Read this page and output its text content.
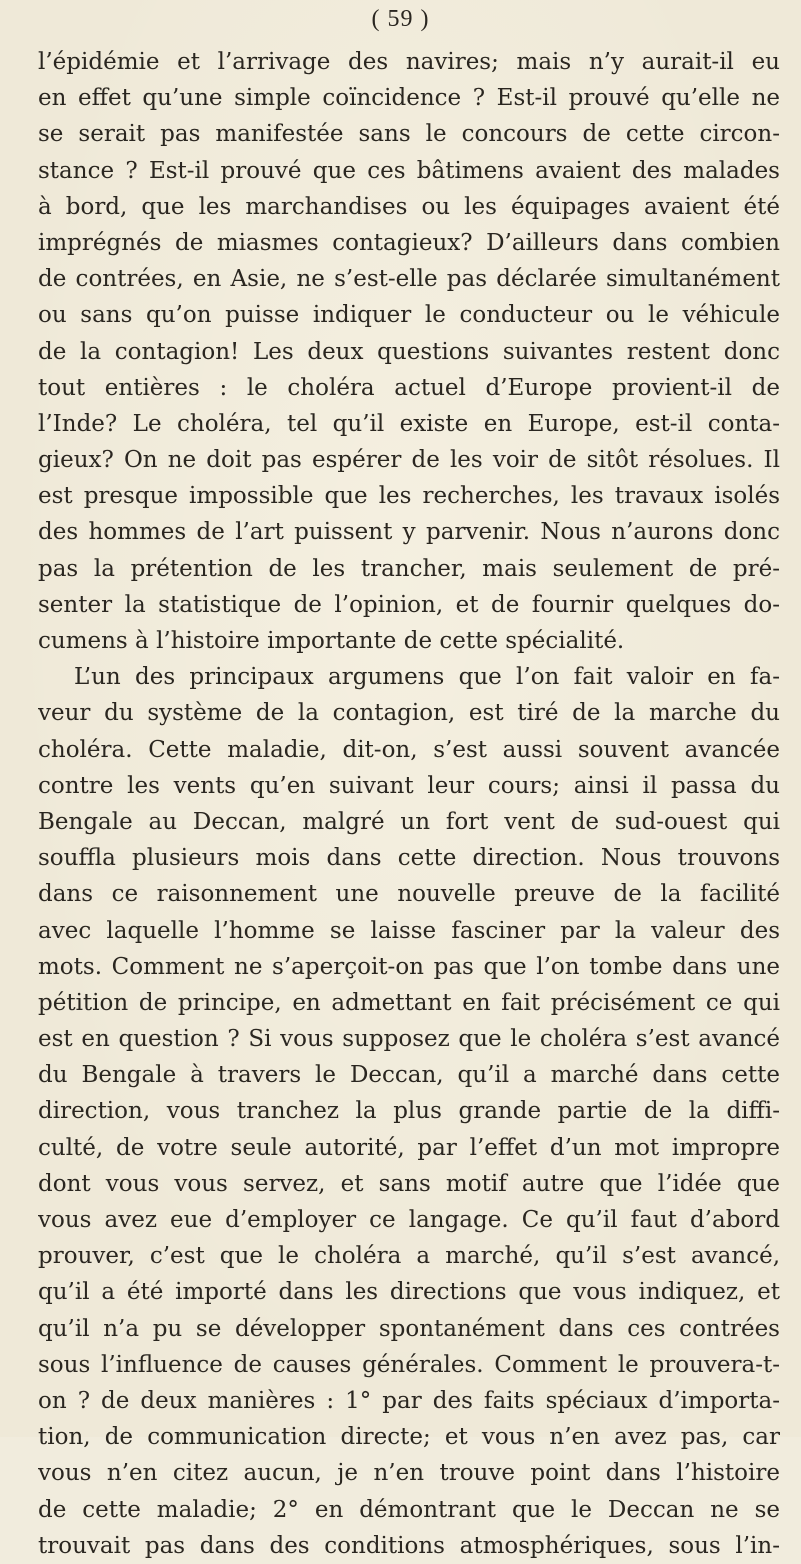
( 59 )
l’épidémie et l’arrivage des navires; mais n’y aurait-il eu
en effet qu’une simple coïncidence ? Est-il prouvé qu’elle ne
se serait pas manifestée sans le concours de cette circon-
stance ? Est-il prouvé que ces bâtimens avaient des malades
à bord, que les marchandises ou les équipages avaient été
imprégnés de miasmes contagieux? D’ailleurs dans combien
de contrées, en Asie, ne s’est-elle pas déclarée simultanément
ou sans qu’on puisse indiquer le conducteur ou le véhicule
de la contagion! Les deux questions suivantes restent donc
tout entières : le choléra actuel d’Europe provient-il de
l’Inde? Le choléra, tel qu’il existe en Europe, est-il conta-
gieux? On ne doit pas espérer de les voir de sitôt résolues. Il
est presque impossible que les recherches, les travaux isolés
des hommes de l’art puissent y parvenir. Nous n’aurons donc
pas la prétention de les trancher, mais seulement de pré-
senter la statistique de l’opinion, et de fournir quelques do-
cumens à l’histoire importante de cette spécialité.
L’un des principaux argumens que l’on fait valoir en fa-
veur du système de la contagion, est tiré de la marche du
choléra. Cette maladie, dit-on, s’est aussi souvent avancée
contre les vents qu’en suivant leur cours; ainsi il passa du
Bengale au Deccan, malgré un fort vent de sud-ouest qui
souffla plusieurs mois dans cette direction. Nous trouvons
dans ce raisonnement une nouvelle preuve de la facilité
avec laquelle l’homme se laisse fasciner par la valeur des
mots. Comment ne s’aperçoit-on pas que l’on tombe dans une
pétition de principe, en admettant en fait précisément ce qui
est en question ? Si vous supposez que le choléra s’est avancé
du Bengale à travers le Deccan, qu’il a marché dans cette
direction, vous tranchez la plus grande partie de la diffi-
culté, de votre seule autorité, par l’effet d’un mot impropre
dont vous vous servez, et sans motif autre que l’idée que
vous avez eue d’employer ce langage. Ce qu’il faut d’abord
prouver, c’est que le choléra a marché, qu’il s’est avancé,
qu’il a été importé dans les directions que vous indiquez, et
qu’il n’a pu se développer spontanément dans ces contrées
sous l’influence de causes générales. Comment le prouvera-t-
on ? de deux manières : 1° par des faits spéciaux d’importa-
tion, de communication directe; et vous n’en avez pas, car
vous n’en citez aucun, je n’en trouve point dans l’histoire
de cette maladie; 2° en démontrant que le Deccan ne se
trouvait pas dans des conditions atmosphériques, sous l’in-
